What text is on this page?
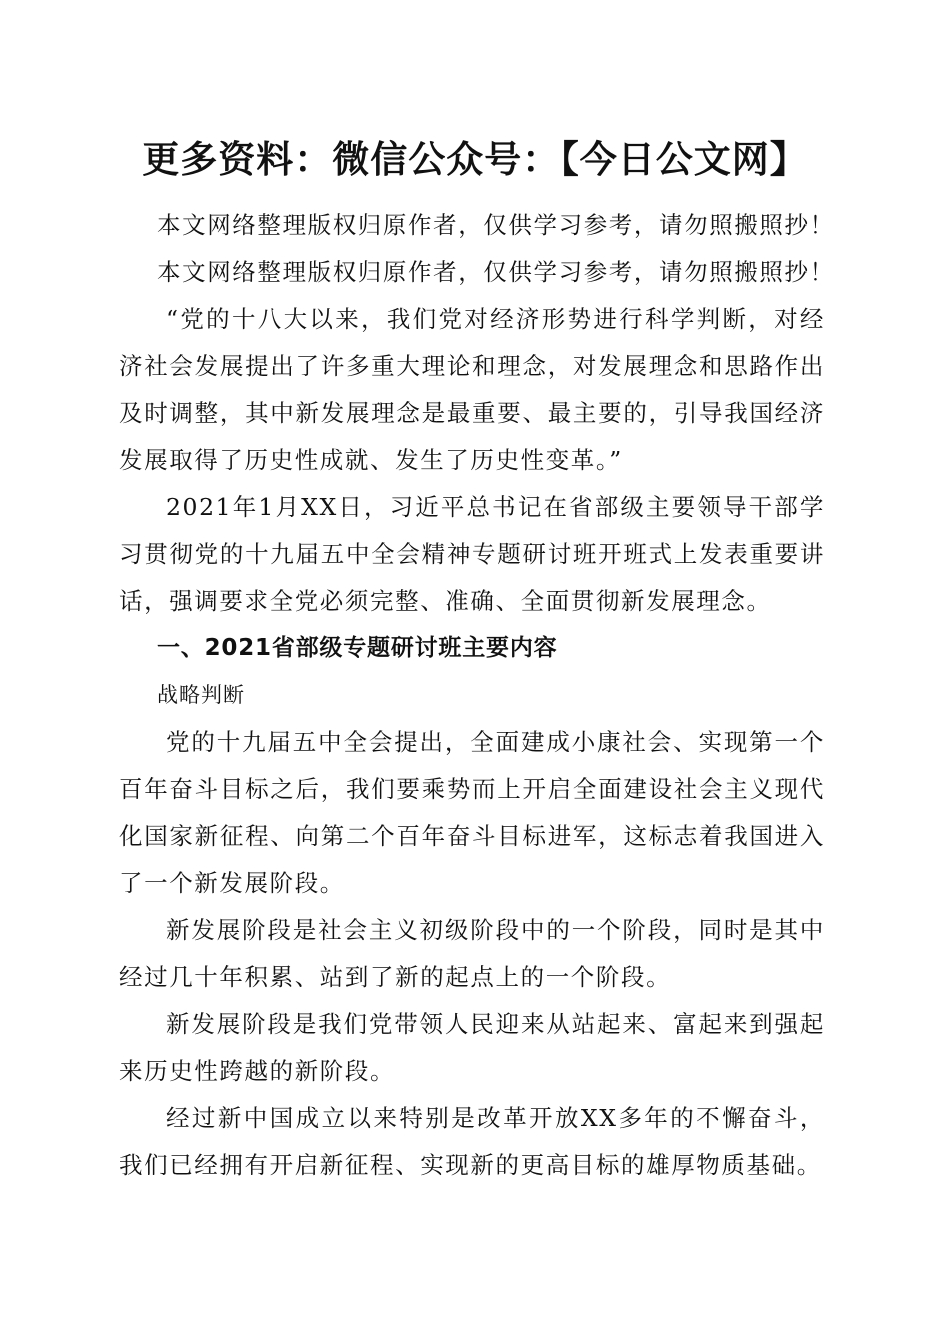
更多资料：微信公众号：【今日公文网】

本文网络整理版权归原作者，仅供学习参考，请勿照搬照抄！

本文网络整理版权归原作者，仅供学习参考，请勿照搬照抄！

“党的十八大以来，我们党对经济形势进行科学判断，对经济社会发展提出了许多重大理论和理念，对发展理念和思路作出及时调整，其中新发展理念是最重要、最主要的，引导我国经济发展取得了历史性成就、发生了历史性变革。”

2021年1月XX日，习近平总书记在省部级主要领导干部学习贯彻党的十九届五中全会精神专题研讨班开班式上发表重要讲话，强调要求全党必须完整、准确、全面贯彻新发展理念。

一、2021省部级专题研讨班主要内容

战略判断

党的十九届五中全会提出，全面建成小康社会、实现第一个百年奋斗目标之后，我们要乘势而上开启全面建设社会主义现代化国家新征程、向第二个百年奋斗目标进军，这标志着我国进入了一个新发展阶段。

新发展阶段是社会主义初级阶段中的一个阶段，同时是其中经过几十年积累、站到了新的起点上的一个阶段。

新发展阶段是我们党带领人民迎来从站起来、富起来到强起来历史性跨越的新阶段。

经过新中国成立以来特别是改革开放XX多年的不懈奋斗，我们已经拥有开启新征程、实现新的更高目标的雄厚物质基础。
